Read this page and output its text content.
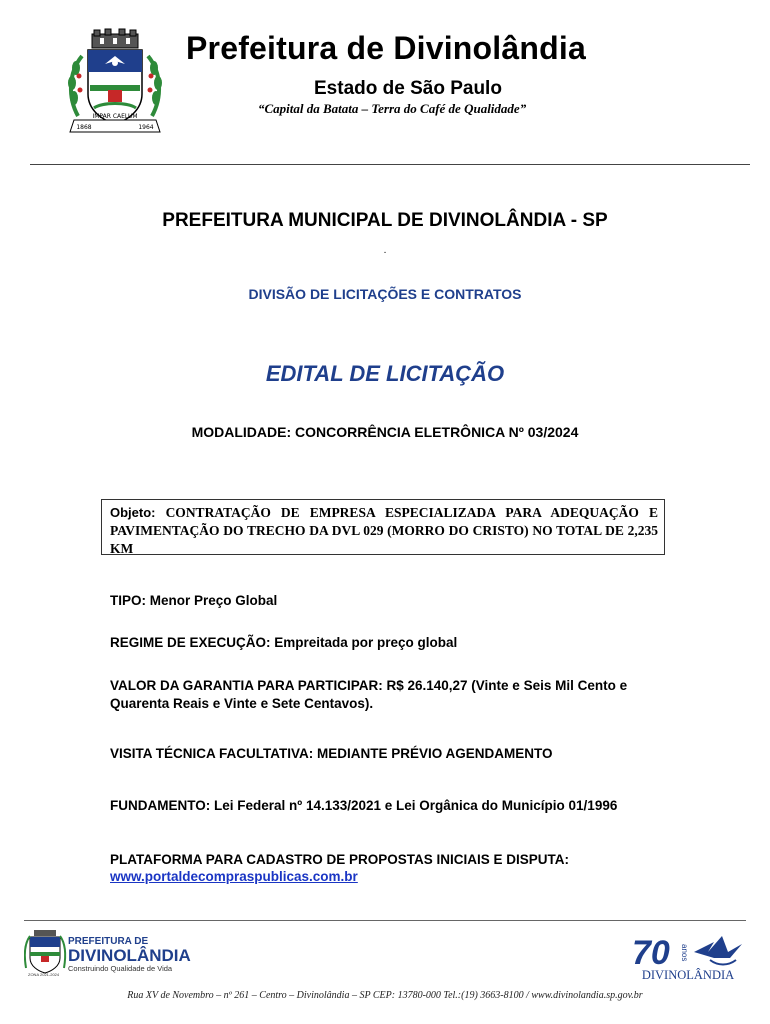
IMPAR CAELUM
1868	1964
Prefeitura de Divinolândia
Estado de São Paulo
“Capital da Batata – Terra do Café de Qualidade”
PREFEITURA MUNICIPAL DE DIVINOLÂNDIA - SP
.
DIVISÃO DE LICITAÇÕES E CONTRATOS
EDITAL DE LICITAÇÃO
MODALIDADE: CONCORRÊNCIA ELETRÔNICA Nº 03/2024
Objeto: CONTRATAÇÃO DE EMPRESA ESPECIALIZADA PARA ADEQUAÇÃO E PAVIMENTAÇÃO DO TRECHO DA DVL 029 (MORRO DO CRISTO) NO TOTAL DE 2,235 KM
TIPO: Menor Preço Global
REGIME DE EXECUÇÃO: Empreitada por preço global
VALOR DA GARANTIA PARA PARTICIPAR: R$ 26.140,27 (Vinte e Seis Mil Cento e Quarenta Reais e Vinte e Sete Centavos).
VISITA TÉCNICA FACULTATIVA: MEDIANTE PRÉVIO AGENDAMENTO
FUNDAMENTO: Lei Federal nº 14.133/2021 e Lei Orgânica do Município 01/1996
PLATAFORMA PARA CADASTRO DE PROPOSTAS INICIAIS E DISPUTA:
www.portaldecompraspublicas.com.br
PREFEITURA DE
DIVINOLÂNDIA
Construindo Qualidade de Vida
ZONA 2021-2024
70 anos
DIVINOLÂNDIA
Rua XV de Novembro – nº 261 – Centro – Divinolândia – SP CEP: 13780-000 Tel.:(19) 3663-8100 / www.divinolandia.sp.gov.br
